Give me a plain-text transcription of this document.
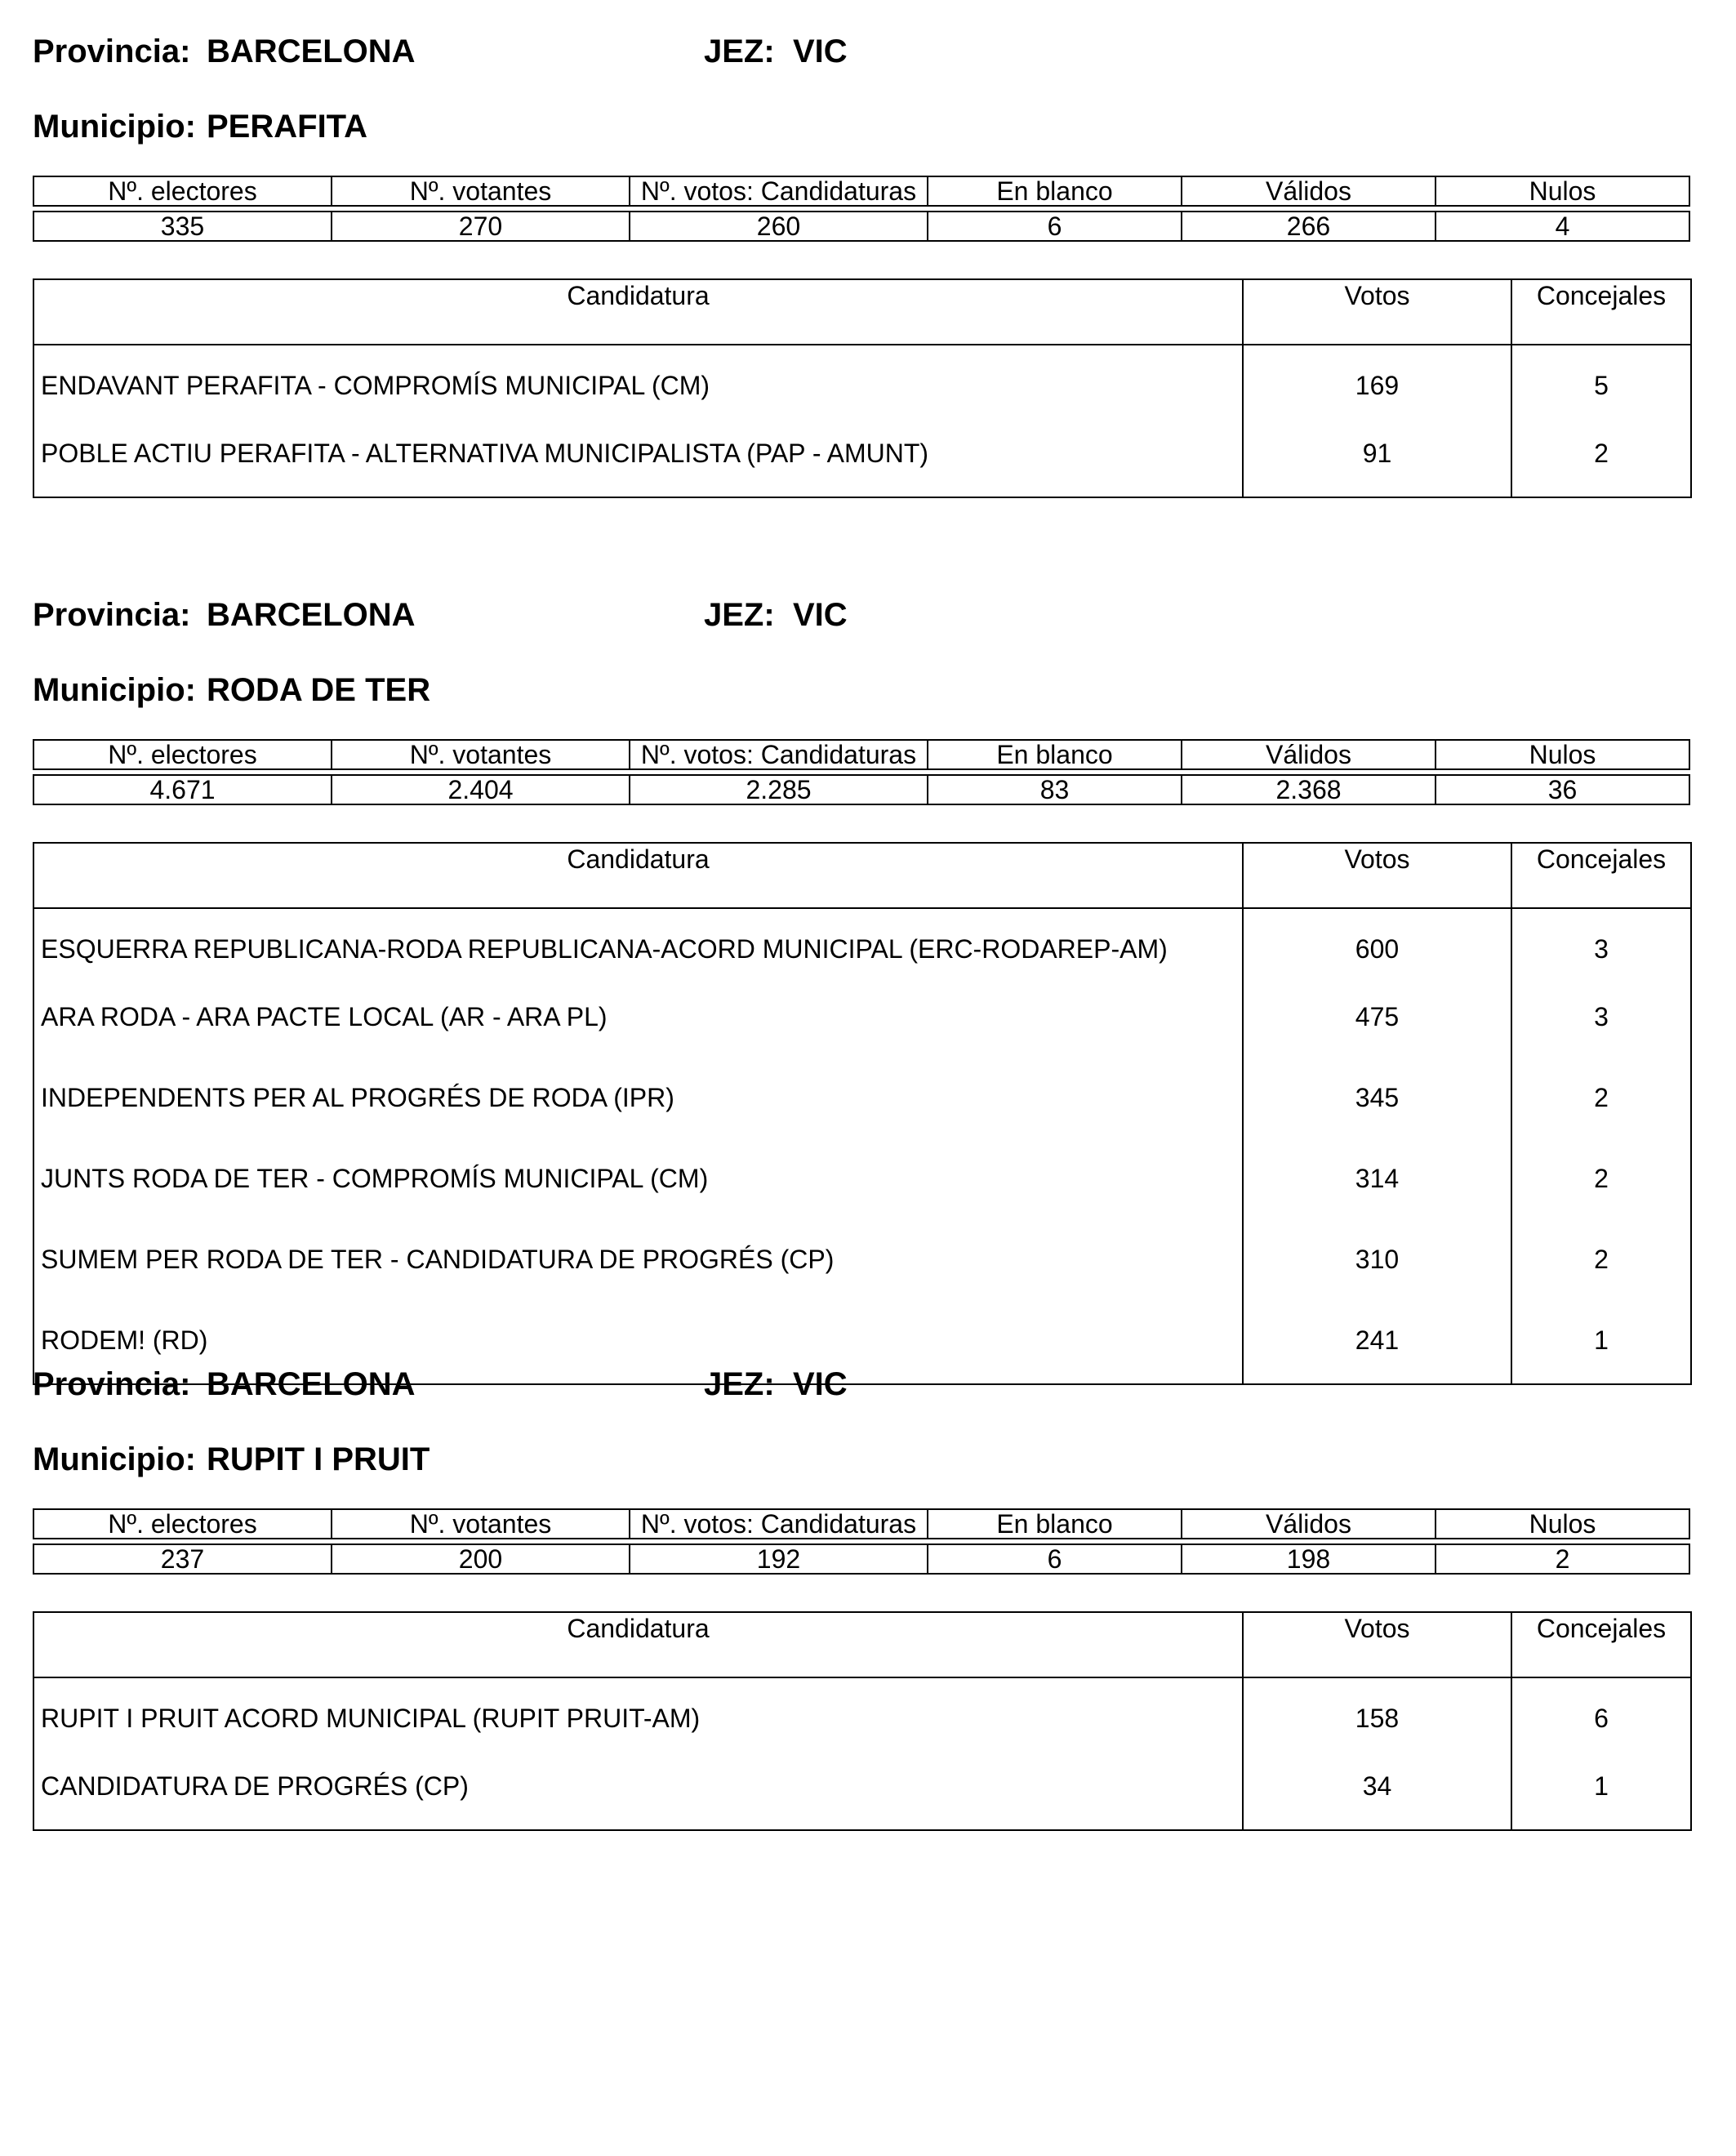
Provincia: BARCELONA	JEZ: VIC
Municipio: PERAFITA
Nº. electores	Nº. votantes	Nº. votos: Candidaturas	En blanco	Válidos	Nulos

335	270	260	6	266	4
Candidatura	Votos	Concejales
ENDAVANT PERAFITA - COMPROMÍS MUNICIPAL (CM)	169	5
POBLE ACTIU PERAFITA - ALTERNATIVA MUNICIPALISTA (PAP - AMUNT)	91	2
Provincia: BARCELONA	JEZ: VIC
Municipio: RODA DE TER
Nº. electores	Nº. votantes	Nº. votos: Candidaturas	En blanco	Válidos	Nulos

4.671	2.404	2.285	83	2.368	36
Candidatura	Votos	Concejales
ESQUERRA REPUBLICANA-RODA REPUBLICANA-ACORD MUNICIPAL (ERC-RODAREP-AM)	600	3
ARA RODA - ARA PACTE LOCAL (AR - ARA PL)	475	3
INDEPENDENTS PER AL PROGRÉS DE RODA (IPR)	345	2
JUNTS RODA DE TER - COMPROMÍS MUNICIPAL (CM)	314	2
SUMEM PER RODA DE TER - CANDIDATURA DE PROGRÉS (CP)	310	2
RODEM! (RD)	241	1
Provincia: BARCELONA	JEZ: VIC
Municipio: RUPIT I PRUIT
Nº. electores	Nº. votantes	Nº. votos: Candidaturas	En blanco	Válidos	Nulos

237	200	192	6	198	2
Candidatura	Votos	Concejales
RUPIT I PRUIT ACORD MUNICIPAL (RUPIT PRUIT-AM)	158	6
CANDIDATURA DE PROGRÉS (CP)	34	1
